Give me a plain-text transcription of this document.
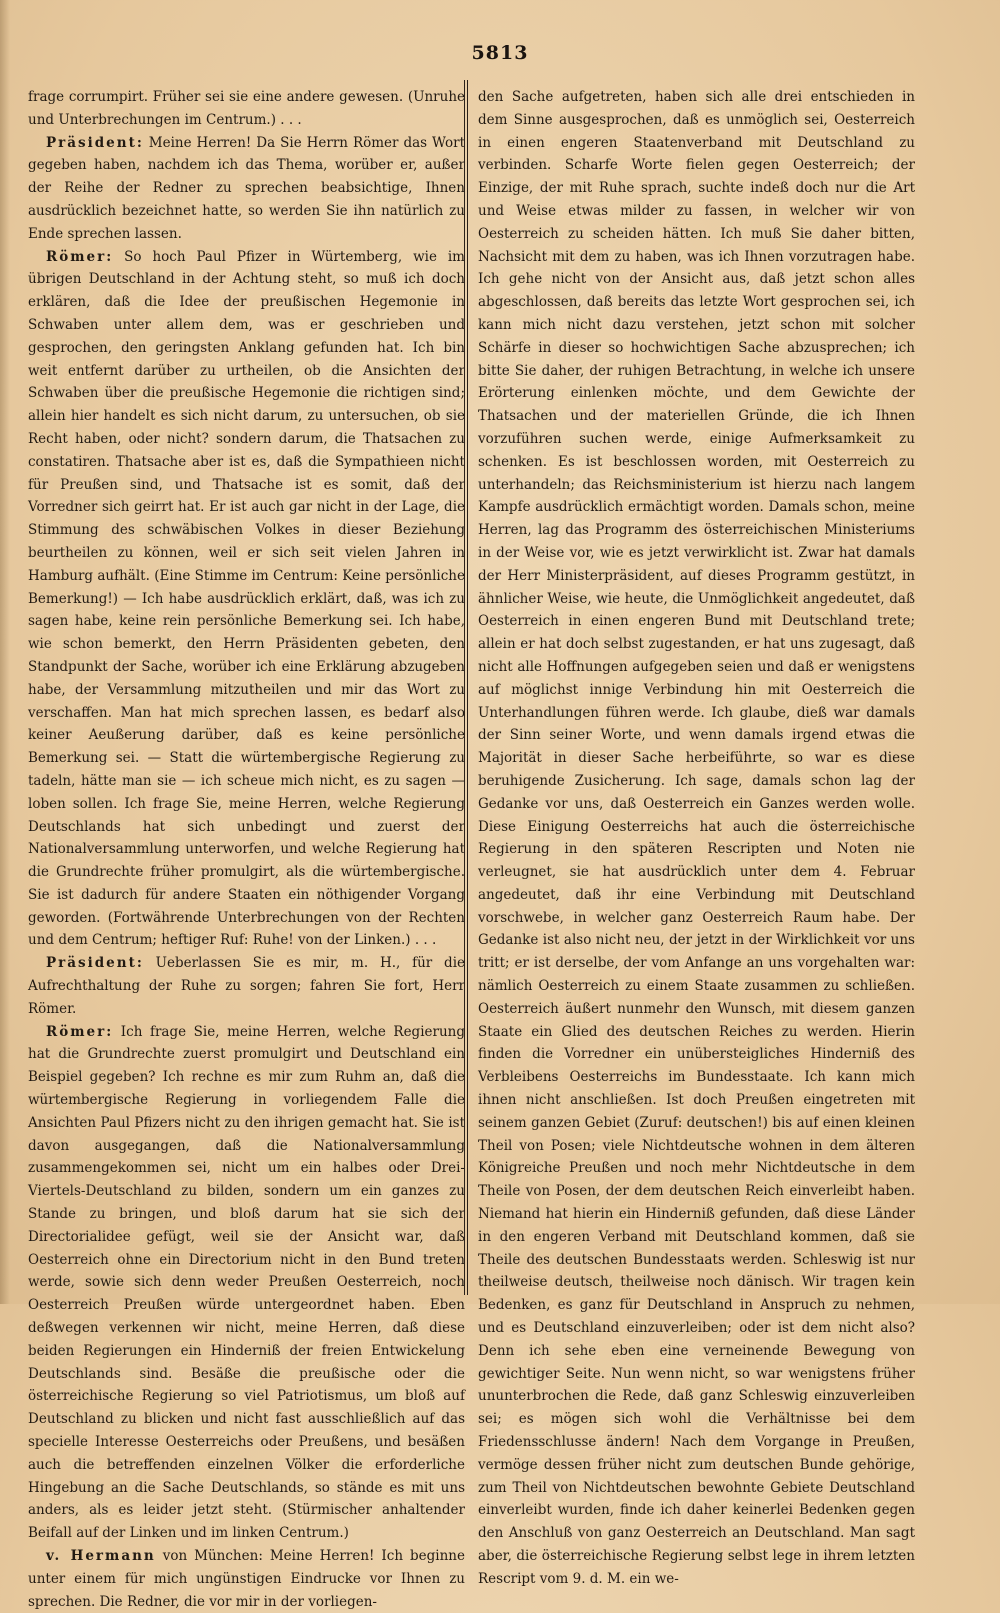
5813

frage corrumpirt. Früher sei sie eine andere gewesen. (Unruhe und Unterbrechungen im Centrum.) . . .

Präsident: Meine Herren! Da Sie Herrn Römer das Wort gegeben haben, nachdem ich das Thema, worüber er, außer der Reihe der Redner zu sprechen beabsichtige, Ihnen ausdrücklich bezeichnet hatte, so werden Sie ihn natürlich zu Ende sprechen lassen.

Römer: So hoch Paul Pfizer in Würtemberg, wie im übrigen Deutschland in der Achtung steht, so muß ich doch erklären, daß die Idee der preußischen Hegemonie in Schwaben unter allem dem, was er geschrieben und gesprochen, den geringsten Anklang gefunden hat. Ich bin weit entfernt darüber zu urtheilen, ob die Ansichten der Schwaben über die preußische Hegemonie die richtigen sind; allein hier handelt es sich nicht darum, zu untersuchen, ob sie Recht haben, oder nicht? sondern darum, die Thatsachen zu constatiren. Thatsache aber ist es, daß die Sympathieen nicht für Preußen sind, und Thatsache ist es somit, daß der Vorredner sich geirrt hat. Er ist auch gar nicht in der Lage, die Stimmung des schwäbischen Volkes in dieser Beziehung beurtheilen zu können, weil er sich seit vielen Jahren in Hamburg aufhält. (Eine Stimme im Centrum: Keine persönliche Bemerkung!) — Ich habe ausdrücklich erklärt, daß, was ich zu sagen habe, keine rein persönliche Bemerkung sei. Ich habe, wie schon bemerkt, den Herrn Präsidenten gebeten, den Standpunkt der Sache, worüber ich eine Erklärung abzugeben habe, der Versammlung mitzutheilen und mir das Wort zu verschaffen. Man hat mich sprechen lassen, es bedarf also keiner Aeußerung darüber, daß es keine persönliche Bemerkung sei. — Statt die würtembergische Regierung zu tadeln, hätte man sie — ich scheue mich nicht, es zu sagen — loben sollen. Ich frage Sie, meine Herren, welche Regierung Deutschlands hat sich unbedingt und zuerst der Nationalversammlung unterworfen, und welche Regierung hat die Grundrechte früher promulgirt, als die würtembergische. Sie ist dadurch für andere Staaten ein nöthigender Vorgang geworden. (Fortwährende Unterbrechungen von der Rechten und dem Centrum; heftiger Ruf: Ruhe! von der Linken.) . . .

Präsident: Ueberlassen Sie es mir, m. H., für die Aufrechthaltung der Ruhe zu sorgen; fahren Sie fort, Herr Römer.

Römer: Ich frage Sie, meine Herren, welche Regierung hat die Grundrechte zuerst promulgirt und Deutschland ein Beispiel gegeben? Ich rechne es mir zum Ruhm an, daß die würtembergische Regierung in vorliegendem Falle die Ansichten Paul Pfizers nicht zu den ihrigen gemacht hat. Sie ist davon ausgegangen, daß die Nationalversammlung zusammengekommen sei, nicht um ein halbes oder Drei-Viertels-Deutschland zu bilden, sondern um ein ganzes zu Stande zu bringen, und bloß darum hat sie sich der Directorialidee gefügt, weil sie der Ansicht war, daß Oesterreich ohne ein Directorium nicht in den Bund treten werde, sowie sich denn weder Preußen Oesterreich, noch Oesterreich Preußen würde untergeordnet haben. Eben deßwegen verkennen wir nicht, meine Herren, daß diese beiden Regierungen ein Hinderniß der freien Entwickelung Deutschlands sind. Besäße die preußische oder die österreichische Regierung so viel Patriotismus, um bloß auf Deutschland zu blicken und nicht fast ausschließlich auf das specielle Interesse Oesterreichs oder Preußens, und besäßen auch die betreffenden einzelnen Völker die erforderliche Hingebung an die Sache Deutschlands, so stände es mit uns anders, als es leider jetzt steht. (Stürmischer anhaltender Beifall auf der Linken und im linken Centrum.)

v. Hermann von München: Meine Herren! Ich beginne unter einem für mich ungünstigen Eindrucke vor Ihnen zu sprechen. Die Redner, die vor mir in der vorliegen-

den Sache aufgetreten, haben sich alle drei entschieden in dem Sinne ausgesprochen, daß es unmöglich sei, Oesterreich in einen engeren Staatenverband mit Deutschland zu verbinden. Scharfe Worte fielen gegen Oesterreich; der Einzige, der mit Ruhe sprach, suchte indeß doch nur die Art und Weise etwas milder zu fassen, in welcher wir von Oesterreich zu scheiden hätten. Ich muß Sie daher bitten, Nachsicht mit dem zu haben, was ich Ihnen vorzutragen habe. Ich gehe nicht von der Ansicht aus, daß jetzt schon alles abgeschlossen, daß bereits das letzte Wort gesprochen sei, ich kann mich nicht dazu verstehen, jetzt schon mit solcher Schärfe in dieser so hochwichtigen Sache abzusprechen; ich bitte Sie daher, der ruhigen Betrachtung, in welche ich unsere Erörterung einlenken möchte, und dem Gewichte der Thatsachen und der materiellen Gründe, die ich Ihnen vorzuführen suchen werde, einige Aufmerksamkeit zu schenken. Es ist beschlossen worden, mit Oesterreich zu unterhandeln; das Reichsministerium ist hierzu nach langem Kampfe ausdrücklich ermächtigt worden. Damals schon, meine Herren, lag das Programm des österreichischen Ministeriums in der Weise vor, wie es jetzt verwirklicht ist. Zwar hat damals der Herr Ministerpräsident, auf dieses Programm gestützt, in ähnlicher Weise, wie heute, die Unmöglichkeit angedeutet, daß Oesterreich in einen engeren Bund mit Deutschland trete; allein er hat doch selbst zugestanden, er hat uns zugesagt, daß nicht alle Hoffnungen aufgegeben seien und daß er wenigstens auf möglichst innige Verbindung hin mit Oesterreich die Unterhandlungen führen werde. Ich glaube, dieß war damals der Sinn seiner Worte, und wenn damals irgend etwas die Majorität in dieser Sache herbeiführte, so war es diese beruhigende Zusicherung. Ich sage, damals schon lag der Gedanke vor uns, daß Oesterreich ein Ganzes werden wolle. Diese Einigung Oesterreichs hat auch die österreichische Regierung in den späteren Rescripten und Noten nie verleugnet, sie hat ausdrücklich unter dem 4. Februar angedeutet, daß ihr eine Verbindung mit Deutschland vorschwebe, in welcher ganz Oesterreich Raum habe. Der Gedanke ist also nicht neu, der jetzt in der Wirklichkeit vor uns tritt; er ist derselbe, der vom Anfange an uns vorgehalten war: nämlich Oesterreich zu einem Staate zusammen zu schließen. Oesterreich äußert nunmehr den Wunsch, mit diesem ganzen Staate ein Glied des deutschen Reiches zu werden. Hierin finden die Vorredner ein unübersteigliches Hinderniß des Verbleibens Oesterreichs im Bundesstaate. Ich kann mich ihnen nicht anschließen. Ist doch Preußen eingetreten mit seinem ganzen Gebiet (Zuruf: deutschen!) bis auf einen kleinen Theil von Posen; viele Nichtdeutsche wohnen in dem älteren Königreiche Preußen und noch mehr Nichtdeutsche in dem Theile von Posen, der dem deutschen Reich einverleibt haben. Niemand hat hierin ein Hinderniß gefunden, daß diese Länder in den engeren Verband mit Deutschland kommen, daß sie Theile des deutschen Bundesstaats werden. Schleswig ist nur theilweise deutsch, theilweise noch dänisch. Wir tragen kein Bedenken, es ganz für Deutschland in Anspruch zu nehmen, und es Deutschland einzuverleiben; oder ist dem nicht also? Denn ich sehe eben eine verneinende Bewegung von gewichtiger Seite. Nun wenn nicht, so war wenigstens früher ununterbrochen die Rede, daß ganz Schleswig einzuverleiben sei; es mögen sich wohl die Verhältnisse bei dem Friedensschlusse ändern! Nach dem Vorgange in Preußen, vermöge dessen früher nicht zum deutschen Bunde gehörige, zum Theil von Nichtdeutschen bewohnte Gebiete Deutschland einverleibt wurden, finde ich daher keinerlei Bedenken gegen den Anschluß von ganz Oesterreich an Deutschland. Man sagt aber, die österreichische Regierung selbst lege in ihrem letzten Rescript vom 9. d. M. ein we-
